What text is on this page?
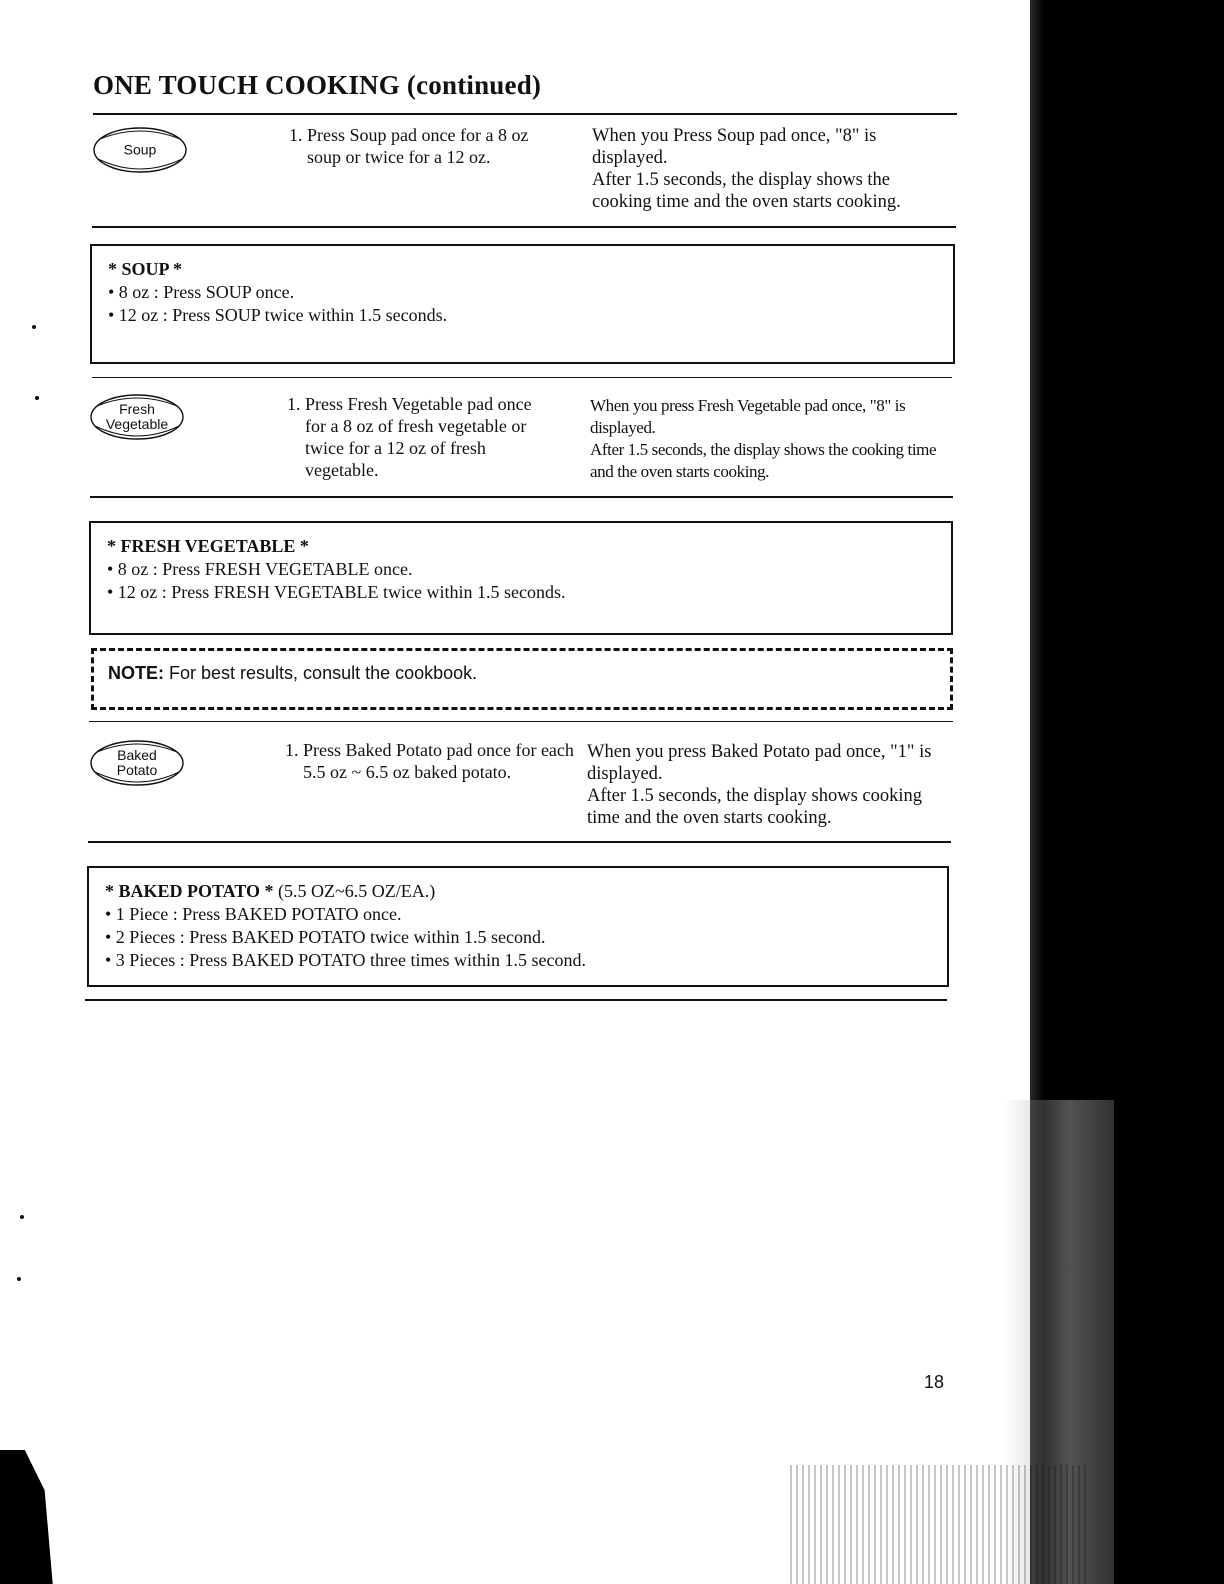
ONE TOUCH COOKING (continued)
Soup
1. Press Soup pad once for a 8 oz soup or twice for a 12 oz.

When you Press Soup pad once, "8" is displayed.

After 1.5 seconds, the display shows the cooking time and the oven starts cooking.

* SOUP *
• 8 oz : Press SOUP once.
• 12 oz : Press SOUP twice within 1.5 seconds.
Fresh
Vegetable
1. Press Fresh Vegetable pad once for a 8 oz of fresh vegetable or twice for a 12 oz of fresh vegetable.

When you press Fresh Vegetable pad once, "8" is displayed.

After 1.5 seconds, the display shows the cooking time and the oven starts cooking.

* FRESH VEGETABLE *
• 8 oz : Press FRESH VEGETABLE once.
• 12 oz : Press FRESH VEGETABLE twice within 1.5 seconds.
NOTE: For best results, consult the cookbook.
Baked
Potato
1. Press Baked Potato pad once for each 5.5 oz ~ 6.5 oz baked potato.

When you press Baked Potato pad once, "1" is displayed.

After 1.5 seconds, the display shows cooking time and the oven starts cooking.

* BAKED POTATO * (5.5 OZ~6.5 OZ/EA.)
• 1 Piece : Press BAKED POTATO once.
• 2 Pieces : Press BAKED POTATO twice within 1.5 second.
• 3 Pieces : Press BAKED POTATO three times within 1.5 second.
18
